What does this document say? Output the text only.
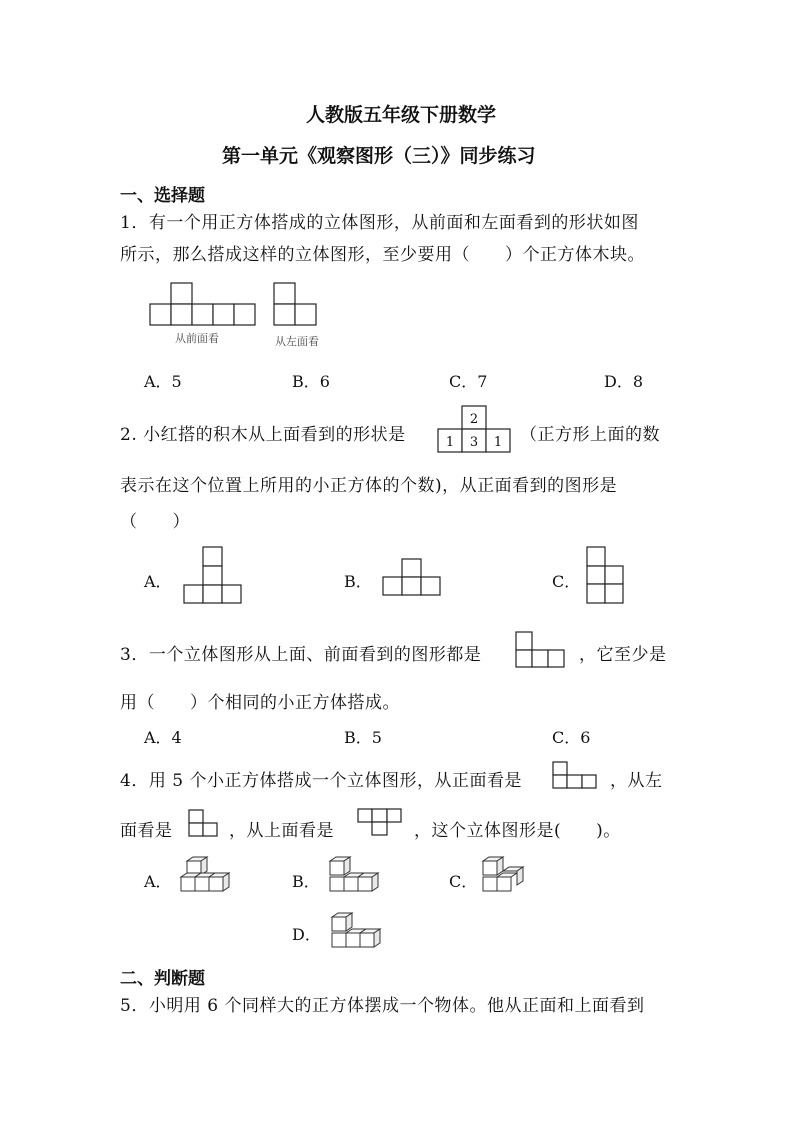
人教版五年级下册数学
第一单元《观察图形（三）》同步练习
一、选择题
1．有一个用正方体搭成的立体图形，从前面和左面看到的形状如图
所示，那么搭成这样的立体图形，至少要用（　　）个正方体木块。
从前面看	从左面看
A．5	B．6	C．7	D．8
2. 小红搭的积木从上面看到的形状是
2
1 3 1 （正方形上面的数
表示在这个位置上所用的小正方体的个数)，从正面看到的图形是
（　　）
A．	B．	C．
3．一个立体图形从上面、前面看到的图形都是	，它至少是
用（　　）个相同的小正方体搭成。
A．4	B．5	C．6
4．用 5 个小正方体搭成一个立体图形，从正面看是	，从左
面看是	，从上面看是	，这个立体图形是(　　)。
A．	B．	C．
D．
二、判断题
5．小明用 6 个同样大的正方体摆成一个物体。他从正面和上面看到
